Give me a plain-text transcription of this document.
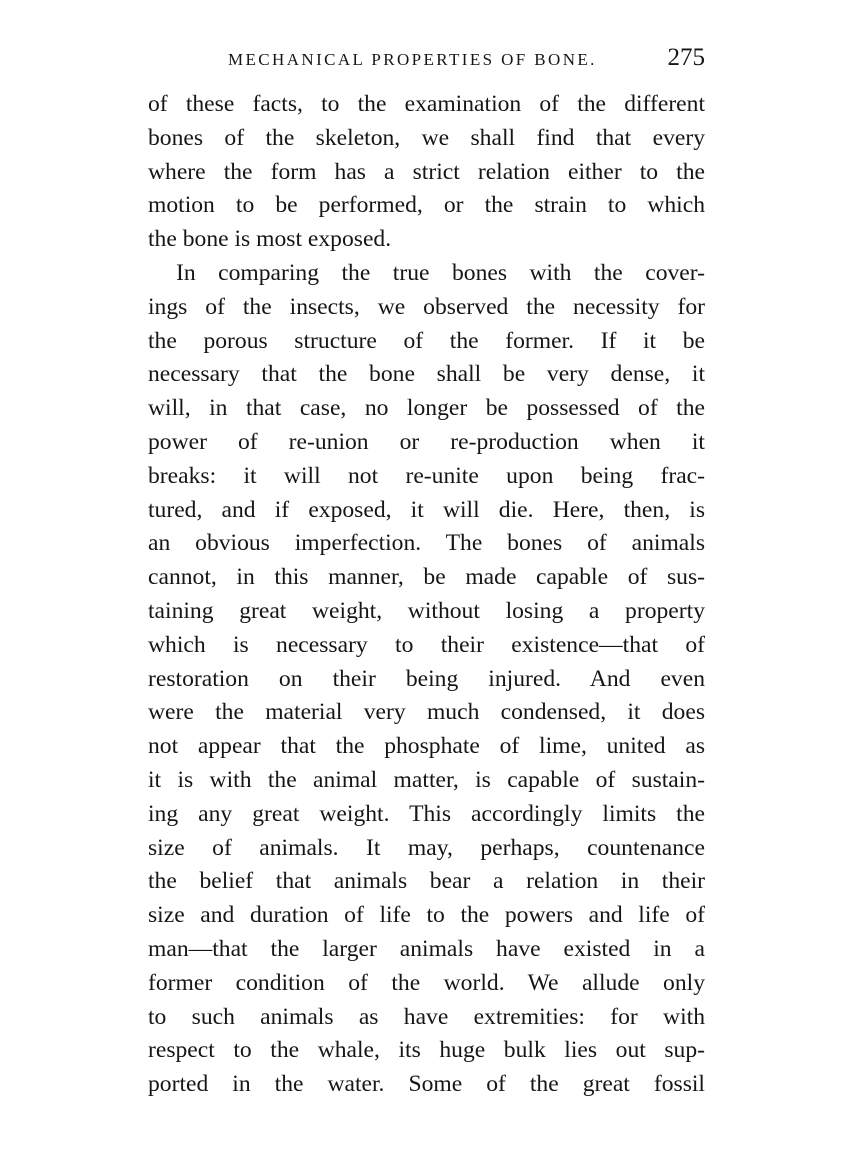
MECHANICAL PROPERTIES OF BONE.	275
of these facts, to the examination of the different
bones of the skeleton, we shall find that every
where the form has a strict relation either to the
motion to be performed, or the strain to which
the bone is most exposed.
In comparing the true bones with the cover-
ings of the insects, we observed the necessity for
the porous structure of the former. If it be
necessary that the bone shall be very dense, it
will, in that case, no longer be possessed of the
power of re-union or re-production when it
breaks: it will not re-unite upon being frac-
tured, and if exposed, it will die. Here, then, is
an obvious imperfection. The bones of animals
cannot, in this manner, be made capable of sus-
taining great weight, without losing a property
which is necessary to their existence—that of
restoration on their being injured. And even
were the material very much condensed, it does
not appear that the phosphate of lime, united as
it is with the animal matter, is capable of sustain-
ing any great weight. This accordingly limits the
size of animals. It may, perhaps, countenance
the belief that animals bear a relation in their
size and duration of life to the powers and life of
man—that the larger animals have existed in a
former condition of the world. We allude only
to such animals as have extremities: for with
respect to the whale, its huge bulk lies out sup-
ported in the water. Some of the great fossil
